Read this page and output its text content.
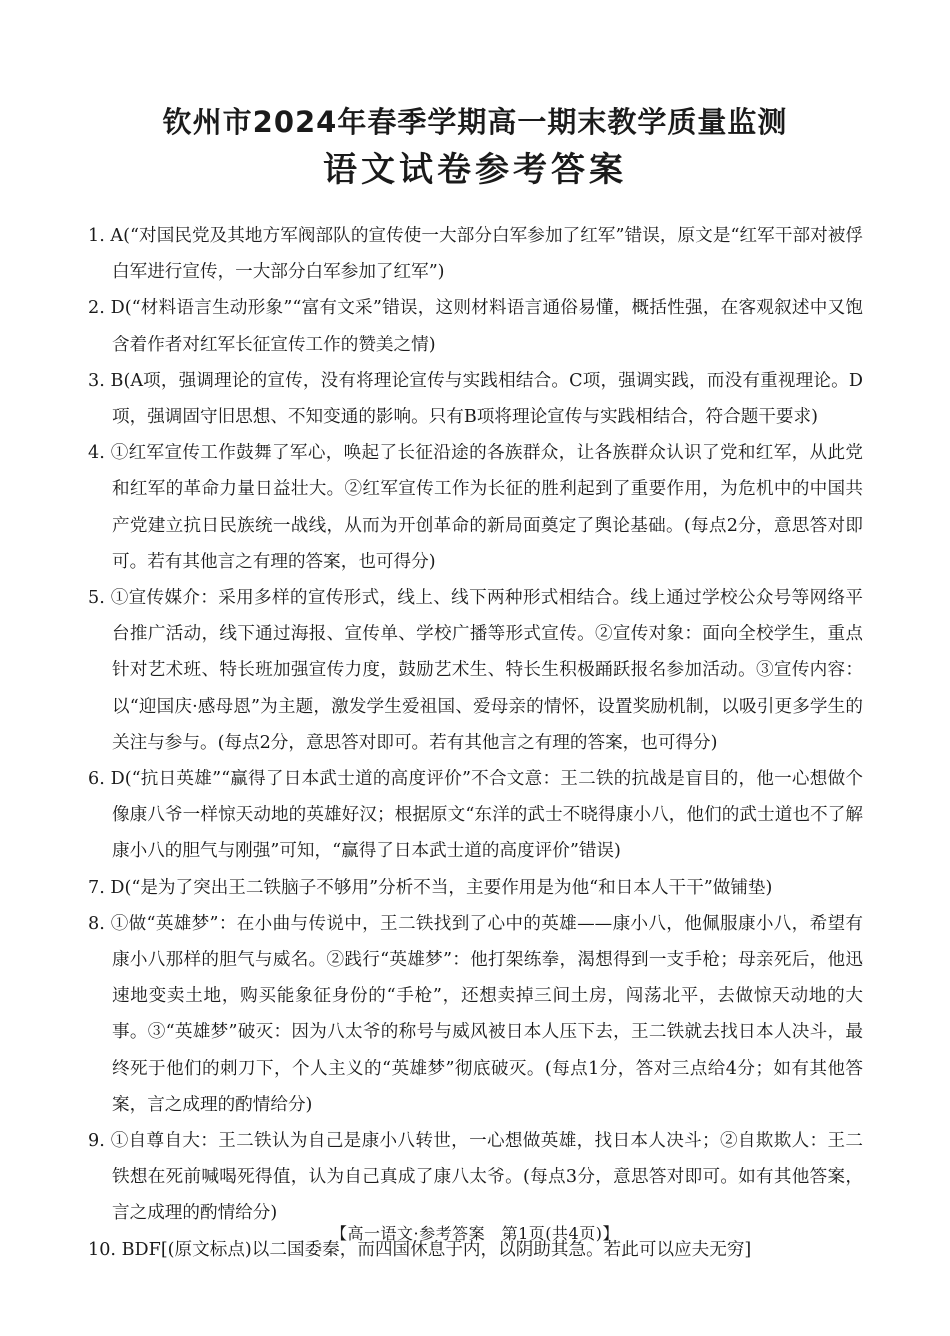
钦州市2024年春季学期高一期末教学质量监测
语文试卷参考答案
1. A(“对国民党及其地方军阀部队的宣传使一大部分白军参加了红军”错误，原文是“红军干部对被俘白军进行宣传，一大部分白军参加了红军”)
2. D(“材料语言生动形象”“富有文采”错误，这则材料语言通俗易懂，概括性强，在客观叙述中又饱含着作者对红军长征宣传工作的赞美之情)
3. B(A项，强调理论的宣传，没有将理论宣传与实践相结合。C项，强调实践，而没有重视理论。D项，强调固守旧思想、不知变通的影响。只有B项将理论宣传与实践相结合，符合题干要求)
4. ①红军宣传工作鼓舞了军心，唤起了长征沿途的各族群众，让各族群众认识了党和红军，从此党和红军的革命力量日益壮大。②红军宣传工作为长征的胜利起到了重要作用，为危机中的中国共产党建立抗日民族统一战线，从而为开创革命的新局面奠定了舆论基础。(每点2分，意思答对即可。若有其他言之有理的答案，也可得分)
5. ①宣传媒介：采用多样的宣传形式，线上、线下两种形式相结合。线上通过学校公众号等网络平台推广活动，线下通过海报、宣传单、学校广播等形式宣传。②宣传对象：面向全校学生，重点针对艺术班、特长班加强宣传力度，鼓励艺术生、特长生积极踊跃报名参加活动。③宣传内容：以“迎国庆·感母恩”为主题，激发学生爱祖国、爱母亲的情怀，设置奖励机制，以吸引更多学生的关注与参与。(每点2分，意思答对即可。若有其他言之有理的答案，也可得分)
6. D(“抗日英雄”“赢得了日本武士道的高度评价”不合文意：王二铁的抗战是盲目的，他一心想做个像康八爷一样惊天动地的英雄好汉；根据原文“东洋的武士不晓得康小八，他们的武士道也不了解康小八的胆气与刚强”可知，“赢得了日本武士道的高度评价”错误)
7. D(“是为了突出王二铁脑子不够用”分析不当，主要作用是为他“和日本人干干”做铺垫)
8. ①做“英雄梦”：在小曲与传说中，王二铁找到了心中的英雄——康小八，他佩服康小八，希望有康小八那样的胆气与威名。②践行“英雄梦”：他打架练拳，渴想得到一支手枪；母亲死后，他迅速地变卖土地，购买能象征身份的“手枪”，还想卖掉三间土房，闯荡北平，去做惊天动地的大事。③“英雄梦”破灭：因为八太爷的称号与威风被日本人压下去，王二铁就去找日本人决斗，最终死于他们的刺刀下，个人主义的“英雄梦”彻底破灭。(每点1分，答对三点给4分；如有其他答案，言之成理的酌情给分)
9. ①自尊自大：王二铁认为自己是康小八转世，一心想做英雄，找日本人决斗；②自欺欺人：王二铁想在死前喊喝死得值，认为自己真成了康八太爷。(每点3分，意思答对即可。如有其他答案，言之成理的酌情给分)
10. BDF[(原文标点)以二国委秦，而四国休息于内，以阴助其急。若此可以应夫无穷]
【高一语文·参考答案　第1页(共4页)】
